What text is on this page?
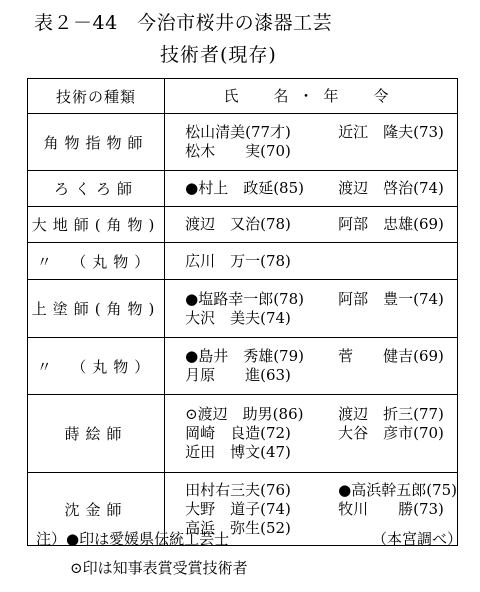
表２－44　今治市桜井の漆器工芸
技術者(現存)
技術の種類	氏　名・年　令
角物指物師	松山清美(77才) 近江　隆夫(73)
松木　　実(70)

ろくろ師	●村上　政延(85) 渡辺　啓治(74)

大地師(角物)	渡辺　又治(78) 阿部　忠雄(69)

〃　（丸物）	広川　万一(78)

上塗師(角物)	●塩路幸一郎(78) 阿部　豊一(74)
大沢　美夫(74)

〃　（丸物）	●島井　秀雄(79) 菅　　健吉(69)
月原　　進(63)

蒔絵師	⊙渡辺　助男(86) 渡辺　折三(77)
岡崎　良造(72) 大谷　彦市(70)
近田　博文(47)

沈金師	田村右三夫(76) ●高浜幹五郎(75)
大野　道子(74) 牧川　　勝(73)
高浜　弥生(52)
注）●印は愛媛県伝統工芸士	（本宮調べ）
⊙印は知事表賞受賞技術者
